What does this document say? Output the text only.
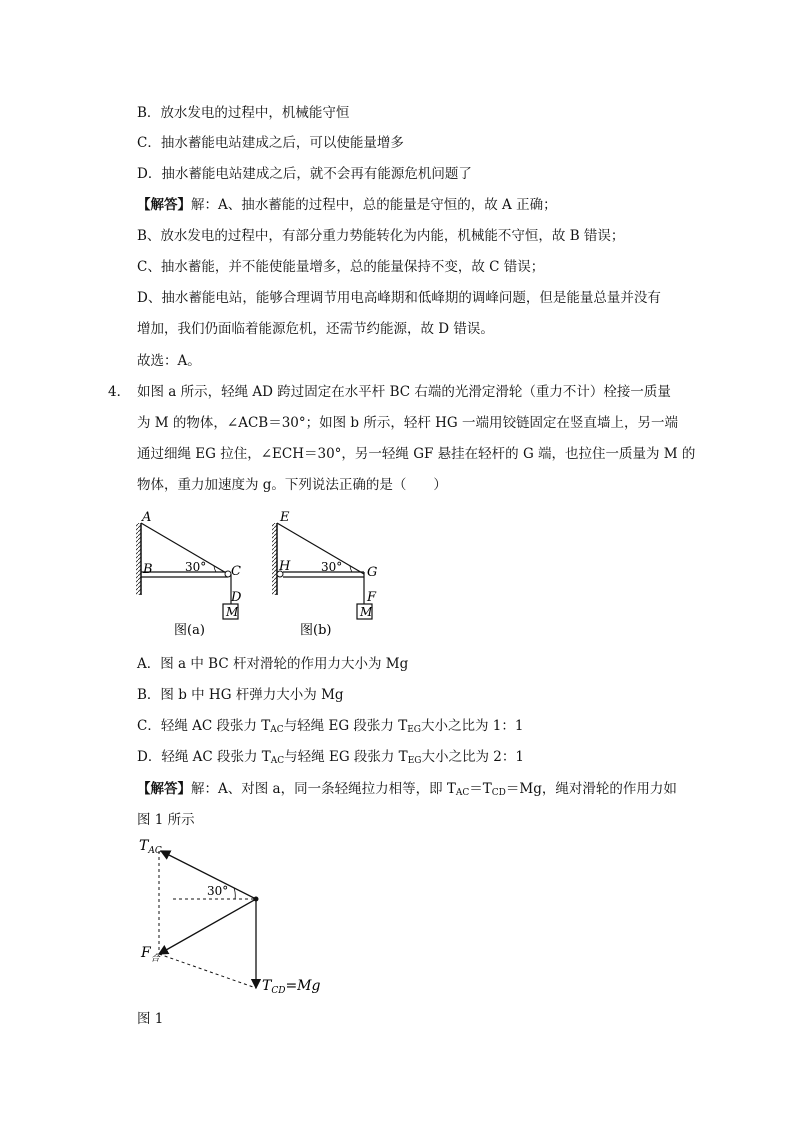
B．放水发电的过程中，机械能守恒
C．抽水蓄能电站建成之后，可以使能量增多
D．抽水蓄能电站建成之后，就不会再有能源危机问题了
【解答】解：A、抽水蓄能的过程中，总的能量是守恒的，故 A 正确；
B、放水发电的过程中，有部分重力势能转化为内能，机械能不守恒，故 B 错误；
C、抽水蓄能，并不能使能量增多，总的能量保持不变，故 C 错误；
D、抽水蓄能电站，能够合理调节用电高峰期和低峰期的调峰问题，但是能量总量并没有
增加，我们仍面临着能源危机，还需节约能源，故 D 错误。
故选：A。
4． 如图 a 所示，轻绳 AD 跨过固定在水平杆 BC 右端的光滑定滑轮（重力不计）栓接一质量
为 M 的物体，∠ACB＝30°；如图 b 所示，轻杆 HG 一端用铰链固定在竖直墙上，另一端
通过细绳 EG 拉住，∠ECH＝30°，另一轻绳 GF 悬挂在轻杆的 G 端，也拉住一质量为 M 的
物体，重力加速度为 g。下列说法正确的是（　　）
A
B	C
D
M
30°
图(a)
E
H	G
F
M
30°
图(b)
A．图 a 中 BC 杆对滑轮的作用力大小为 Mg
B．图 b 中 HG 杆弹力大小为 Mg
C．轻绳 AC 段张力 $T_{AC}$与轻绳 EG 段张力 $T_{EG}$大小之比为 1：1
D．轻绳 AC 段张力 $T_{AC}$与轻绳 EG 段张力 $T_{EG}$大小之比为 2：1
【解答】解：A、对图 a，同一条轻绳拉力相等，即 $T_{AC}=T_{CD}=Mg$，绳对滑轮的作用力如
图 1 所示
$T_{AC}$
30°
$F_合$
$T_{CD}=Mg$
图 1
